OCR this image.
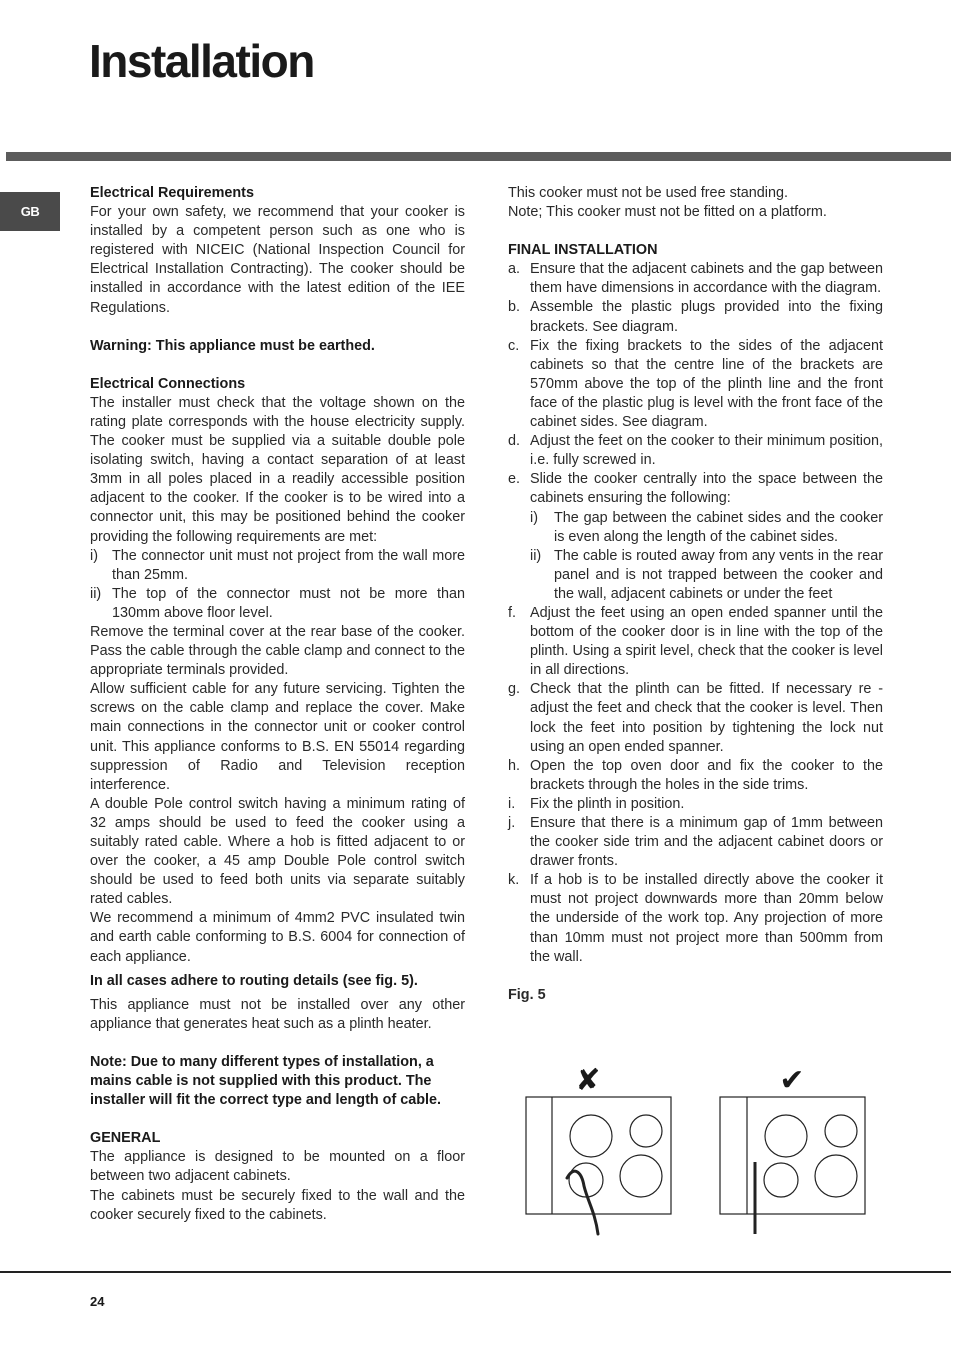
Installation
GB

Electrical Requirements

For your own safety, we recommend that your cooker is installed by a competent person such as one who is registered with NICEIC (National Inspection Council for Electrical Installation Contracting). The cooker should be installed in accordance with the latest edition of the IEE Regulations.

Warning: This appliance must be earthed.

Electrical Connections

The installer must check that the voltage shown on the rating plate corresponds with the house electricity supply. The cooker must be supplied via a suitable double pole isolating switch, having a contact separation of at least 3mm in all poles placed in a readily accessible position adjacent to the cooker. If the cooker is to be wired into a connector unit, this may be positioned behind the cooker providing the following requirements are met:

i) The connector unit must not project from the wall more than 25mm.
ii) The top of the connector must not be more than 130mm above floor level.

Remove the terminal cover at the rear base of the cooker. Pass the cable through the cable clamp and connect to the appropriate terminals provided.

Allow sufficient cable for any future servicing. Tighten the screws on the cable clamp and replace the cover. Make main connections in the connector unit or cooker control unit. This appliance conforms to B.S. EN 55014 regarding suppression of Radio and Television reception interference.

A double Pole control switch having a minimum rating of 32 amps should be used to feed the cooker using a suitably rated cable. Where a hob is fitted adjacent to or over the cooker, a 45 amp Double Pole control switch should be used to feed both units via separate suitably rated cables.

We recommend a minimum of 4mm2 PVC insulated twin and earth cable conforming to B.S. 6004 for connection of each appliance.

In all cases adhere to routing details (see fig. 5).

This appliance must not be installed over any other appliance that generates heat such as a plinth heater.

Note: Due to many different types of installation, a mains cable is not supplied with this product. The installer will fit the correct type and length of cable.

GENERAL

The appliance is designed to be mounted on a floor between two adjacent cabinets.

The cabinets must be securely fixed to the wall and the cooker securely fixed to the cabinets.

This cooker must not be used free standing.

Note; This cooker must not be fitted on a platform.

FINAL INSTALLATION

a. Ensure that the adjacent cabinets and the gap between them have dimensions in accordance with the diagram.
b. Assemble the plastic plugs provided into the fixing brackets. See diagram.
c. Fix the fixing brackets to the sides of the adjacent cabinets so that the centre line of the brackets are 570mm above the top of the plinth line and the front face of the plastic plug is level with the front face of the cabinet sides. See diagram.
d. Adjust the feet on the cooker to their minimum position, i.e. fully screwed in.
e. Slide the cooker centrally into the space between the cabinets ensuring the following:
i)	The gap between the cabinet sides and the cooker is even along the length of the cabinet sides.
ii) The cable is routed away from any vents in the rear panel and is not trapped between the cooker and the wall, adjacent cabinets or under the feet
f. Adjust the feet using an open ended spanner until the bottom of the cooker door is in line with the top of the plinth. Using a spirit level, check that the cooker is level in all directions.
g. Check that the plinth can be fitted. If necessary re - adjust the feet and check that the cooker is level. Then lock the feet into position by tightening the lock nut using an open ended spanner.
h. Open the top oven door and fix the cooker to the brackets through the holes in the side trims.
i.	Fix the plinth in position.
j.	Ensure that there is a minimum gap of 1mm between the cooker side trim and the adjacent cabinet doors or drawer fronts.
k. If a hob is to be installed directly above the cooker it must not project downwards more than 20mm below the underside of the work top. Any projection of more than 10mm must not project more than 500mm from the wall.

Fig. 5

✘	✔
24
